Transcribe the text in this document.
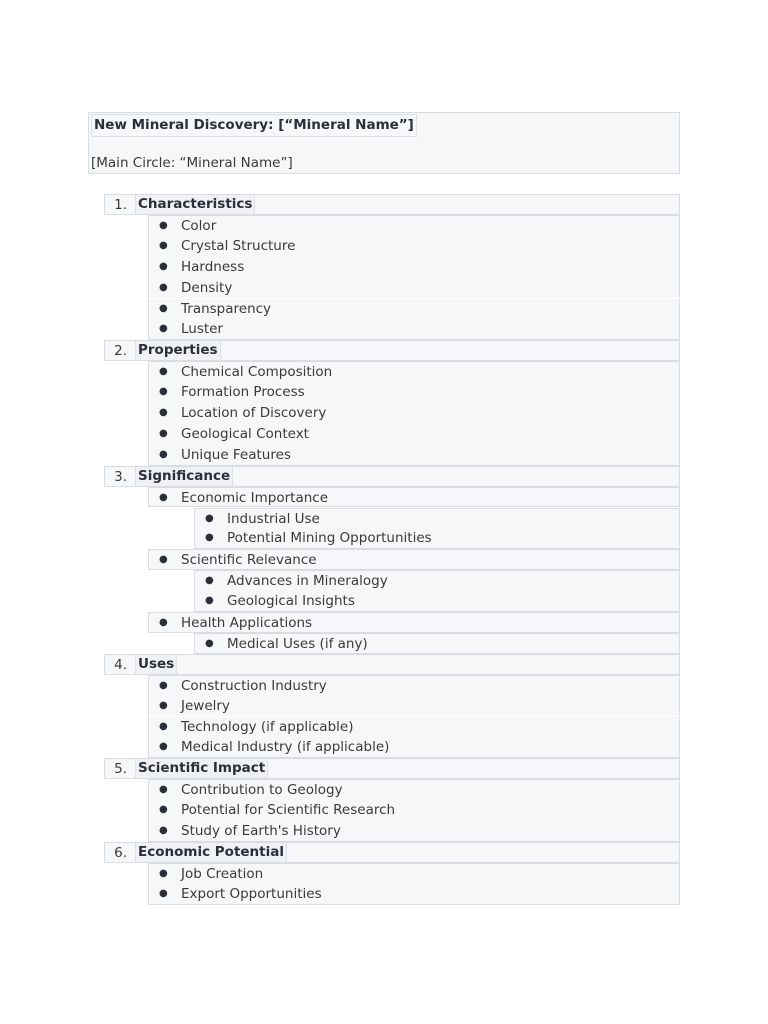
New Mineral Discovery: [“Mineral Name”]
[Main Circle: “Mineral Name”]
1. Characteristics
● Color
● Crystal Structure
● Hardness
● Density
● Transparency
● Luster
2. Properties
● Chemical Composition
● Formation Process
● Location of Discovery
● Geological Context
● Unique Features
3. Significance
● Economic Importance
● Industrial Use
● Potential Mining Opportunities
● Scientific Relevance
● Advances in Mineralogy
● Geological Insights
● Health Applications
● Medical Uses (if any)
4. Uses
● Construction Industry
● Jewelry
● Technology (if applicable)
● Medical Industry (if applicable)
5. Scientific Impact
● Contribution to Geology
● Potential for Scientific Research
● Study of Earth's History
6. Economic Potential
● Job Creation
● Export Opportunities
